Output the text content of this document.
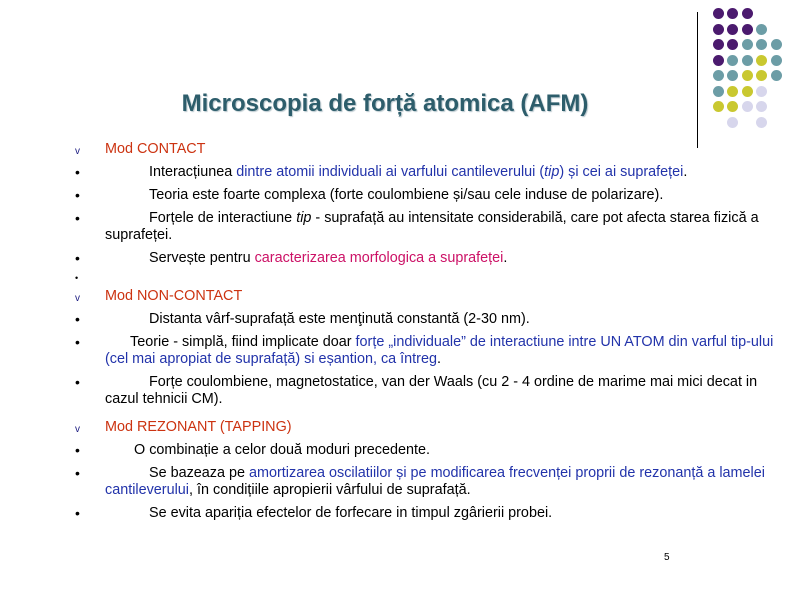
Microscopia de forță atomica (AFM)
v Mod CONTACT
•	Interacțiunea dintre atomii individuali ai varfului cantileverului (tip) și cei ai suprafeței.
•	Teoria este foarte complexa (forte coulombiene și/sau cele induse de polarizare).
•	Forțele de interactiune tip - suprafață au intensitate considerabilă, care pot afecta starea fizică a suprafeței.
•	Servește pentru caracterizarea morfologica a suprafeței.
•
v Mod NON-CONTACT
•	Distanta vârf-suprafață este menţinută constantă (2-30 nm).
•	Teorie - simplă, fiind implicate doar forțe „individuale” de interactiune intre UN ATOM din varful tip-ului (cel mai apropiat de suprafață) si eșantion, ca întreg.
•	Forțe coulombiene, magnetostatice, van der Waals (cu 2 - 4 ordine de marime mai mici decat in cazul tehnicii CM).
v Mod REZONANT (TAPPING)
•	O combinație a celor două moduri precedente.
•	Se bazeaza pe amortizarea oscilatiilor și pe modificarea frecvenței proprii de rezonanță a lamelei cantileverului, în condițiile apropierii vârfului de suprafață.
•	Se evita apariția efectelor de forfecare in timpul zgârierii probei.
5
